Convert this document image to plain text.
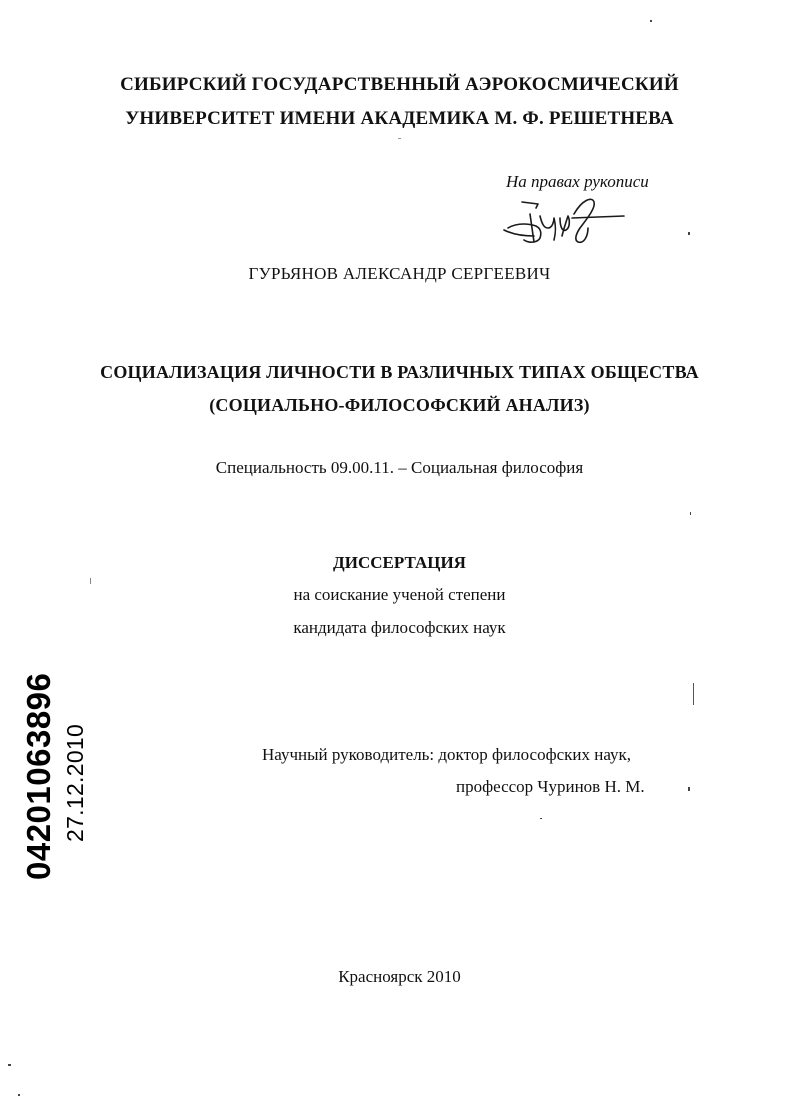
СИБИРСКИЙ ГОСУДАРСТВЕННЫЙ АЭРОКОСМИЧЕСКИЙ
УНИВЕРСИТЕТ ИМЕНИ АКАДЕМИКА М. Ф. РЕШЕТНЕВА
На правах рукописи
ГУРЬЯНОВ АЛЕКСАНДР СЕРГЕЕВИЧ
СОЦИАЛИЗАЦИЯ ЛИЧНОСТИ В РАЗЛИЧНЫХ ТИПАХ ОБЩЕСТВА
(СОЦИАЛЬНО-ФИЛОСОФСКИЙ АНАЛИЗ)
Специальность 09.00.11. – Социальная философия
ДИССЕРТАЦИЯ
на соискание ученой степени
кандидата философских наук
Научный руководитель: доктор философских наук,
профессор Чуринов Н. М.
Красноярск 2010
04201063896 27.12.2010
